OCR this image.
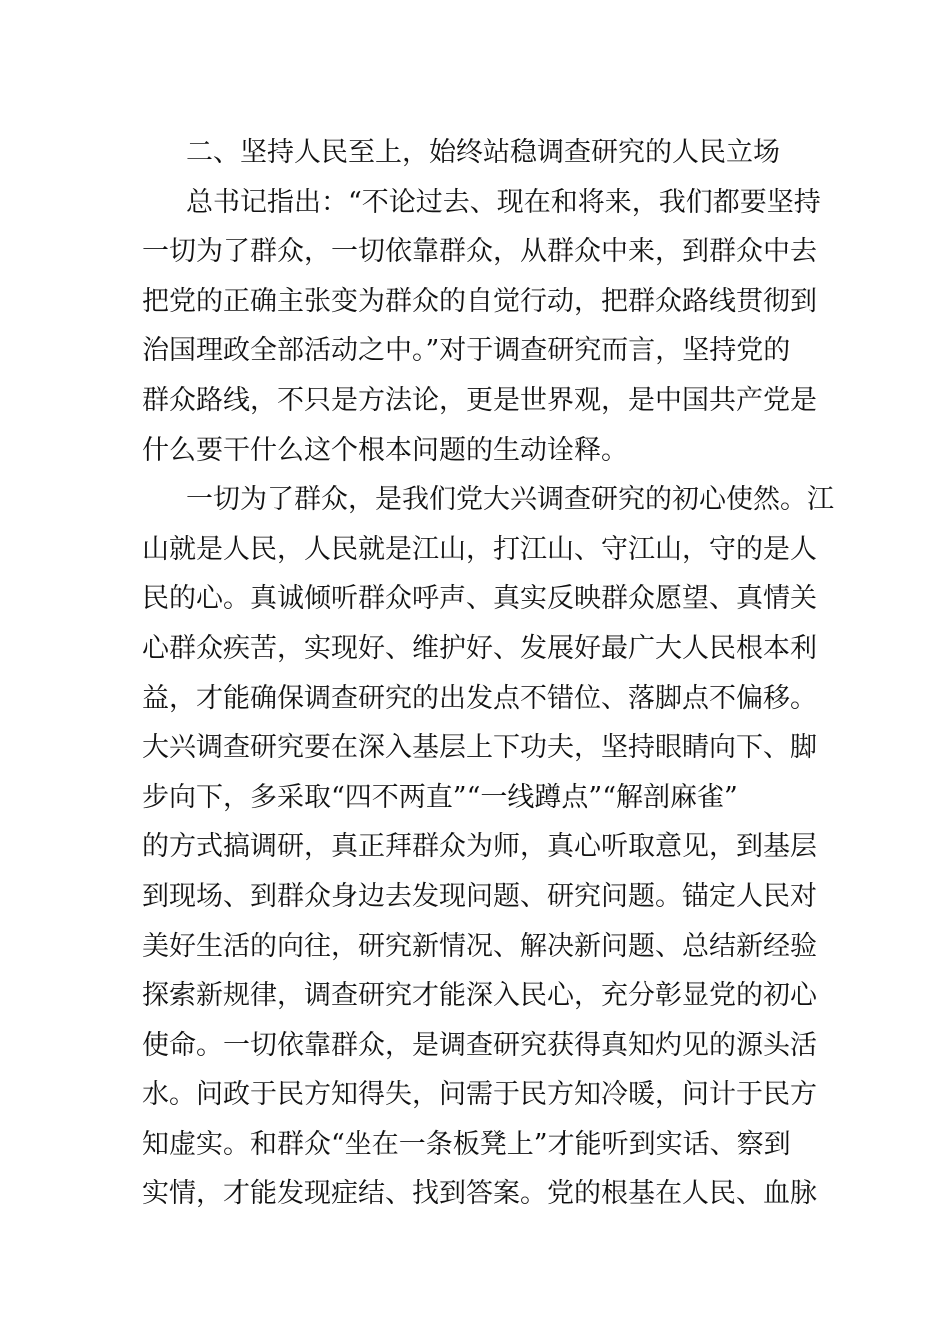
二、坚持人民至上，始终站稳调查研究的人民立场
总书记指出：“不论过去、现在和将来，我们都要坚持
一切为了群众，一切依靠群众，从群众中来，到群众中去
把党的正确主张变为群众的自觉行动，把群众路线贯彻到
治国理政全部活动之中。”对于调查研究而言，坚持党的
群众路线，不只是方法论，更是世界观，是中国共产党是
什么要干什么这个根本问题的生动诠释。
一切为了群众，是我们党大兴调查研究的初心使然。江
山就是人民，人民就是江山，打江山、守江山，守的是人
民的心。真诚倾听群众呼声、真实反映群众愿望、真情关
心群众疾苦，实现好、维护好、发展好最广大人民根本利
益，才能确保调查研究的出发点不错位、落脚点不偏移。
大兴调查研究要在深入基层上下功夫，坚持眼睛向下、脚
步向下，多采取“四不两直”“一线蹲点”“解剖麻雀”
的方式搞调研，真正拜群众为师，真心听取意见，到基层
到现场、到群众身边去发现问题、研究问题。锚定人民对
美好生活的向往，研究新情况、解决新问题、总结新经验
探索新规律，调查研究才能深入民心，充分彰显党的初心
使命。一切依靠群众，是调查研究获得真知灼见的源头活
水。问政于民方知得失，问需于民方知冷暖，问计于民方
知虚实。和群众“坐在一条板凳上”才能听到实话、察到
实情，才能发现症结、找到答案。党的根基在人民、血脉
